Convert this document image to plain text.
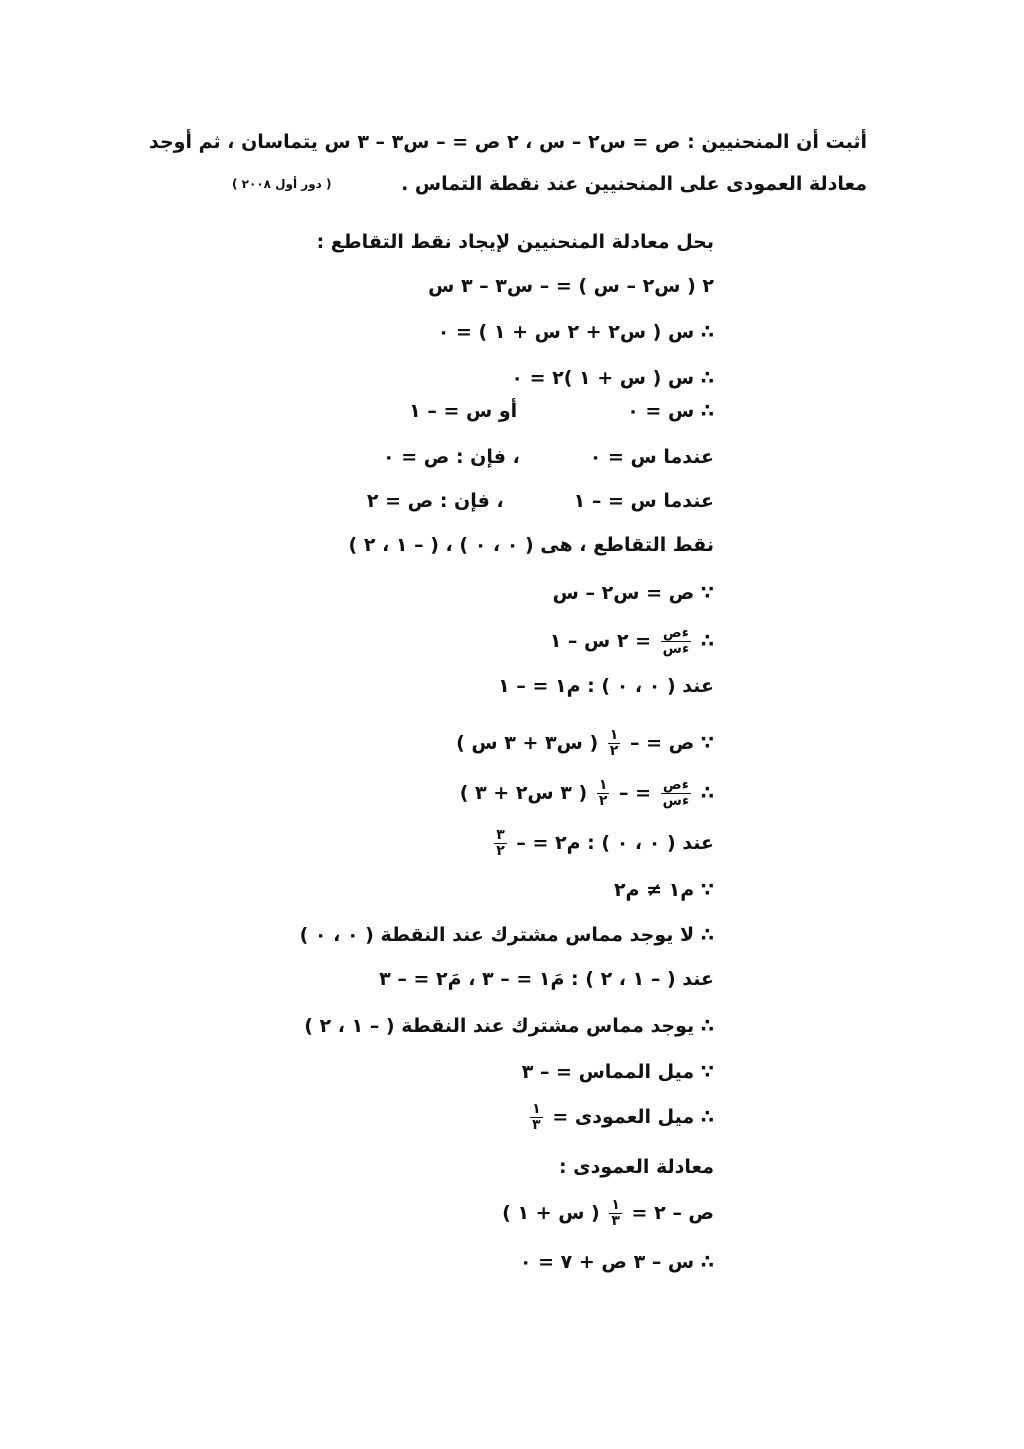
أثبت أن المنحنيين : ص = س٢ – س ، ٢ ص = – س٣ – ٣ س يتماسان ، ثم أوجد
معادلة العمودى على المنحنيين عند نقطة التماس .
( دور أول ٢٠٠٨ )
بحل معادلة المنحنيين لإيجاد نقط التقاطع :
٢ ( س٢ – س ) = – س٣ – ٣ س
∴ س ( س٢ + ٢ س + ١ ) = ٠
∴ س ( س + ١ )٢ = ٠
∴ س = ٠أو س = – ١
عندما س = ٠، فإن : ص = ٠
عندما س = – ١، فإن : ص = ٢
نقط التقاطع ، هى ( ٠ ، ٠ ) ، ( – ١ ، ٢ )
∵ ص = س٢ – س
∴
$\frac{\text{ءص}}{\text{ءس}}$
= ٢ س – ١
عند ( ٠ ، ٠ ) : م١ = – ١
∵ ص = –
$\frac{١}{٢}$
( س٣ + ٣ س )
∴
$\frac{\text{ءص}}{\text{ءس}}$
= –
$\frac{١}{٢}$
( ٣ س٢ + ٣ )
عند ( ٠ ، ٠ ) : م٢ = –
$\frac{٣}{٢}$
∵ م١ ≠ م٢
∴ لا يوجد مماس مشترك عند النقطة ( ٠ ، ٠ )
عند ( – ١ ، ٢ ) : مَ١ = – ٣ ، مَ٢ = – ٣
∴ يوجد مماس مشترك عند النقطة ( – ١ ، ٢ )
∵ ميل المماس = – ٣
∴ ميل العمودى =
$\frac{١}{٣}$
معادلة العمودى :
ص – ٢ =
$\frac{١}{٣}$
( س + ١ )
∴ س – ٣ ص + ٧ = ٠
